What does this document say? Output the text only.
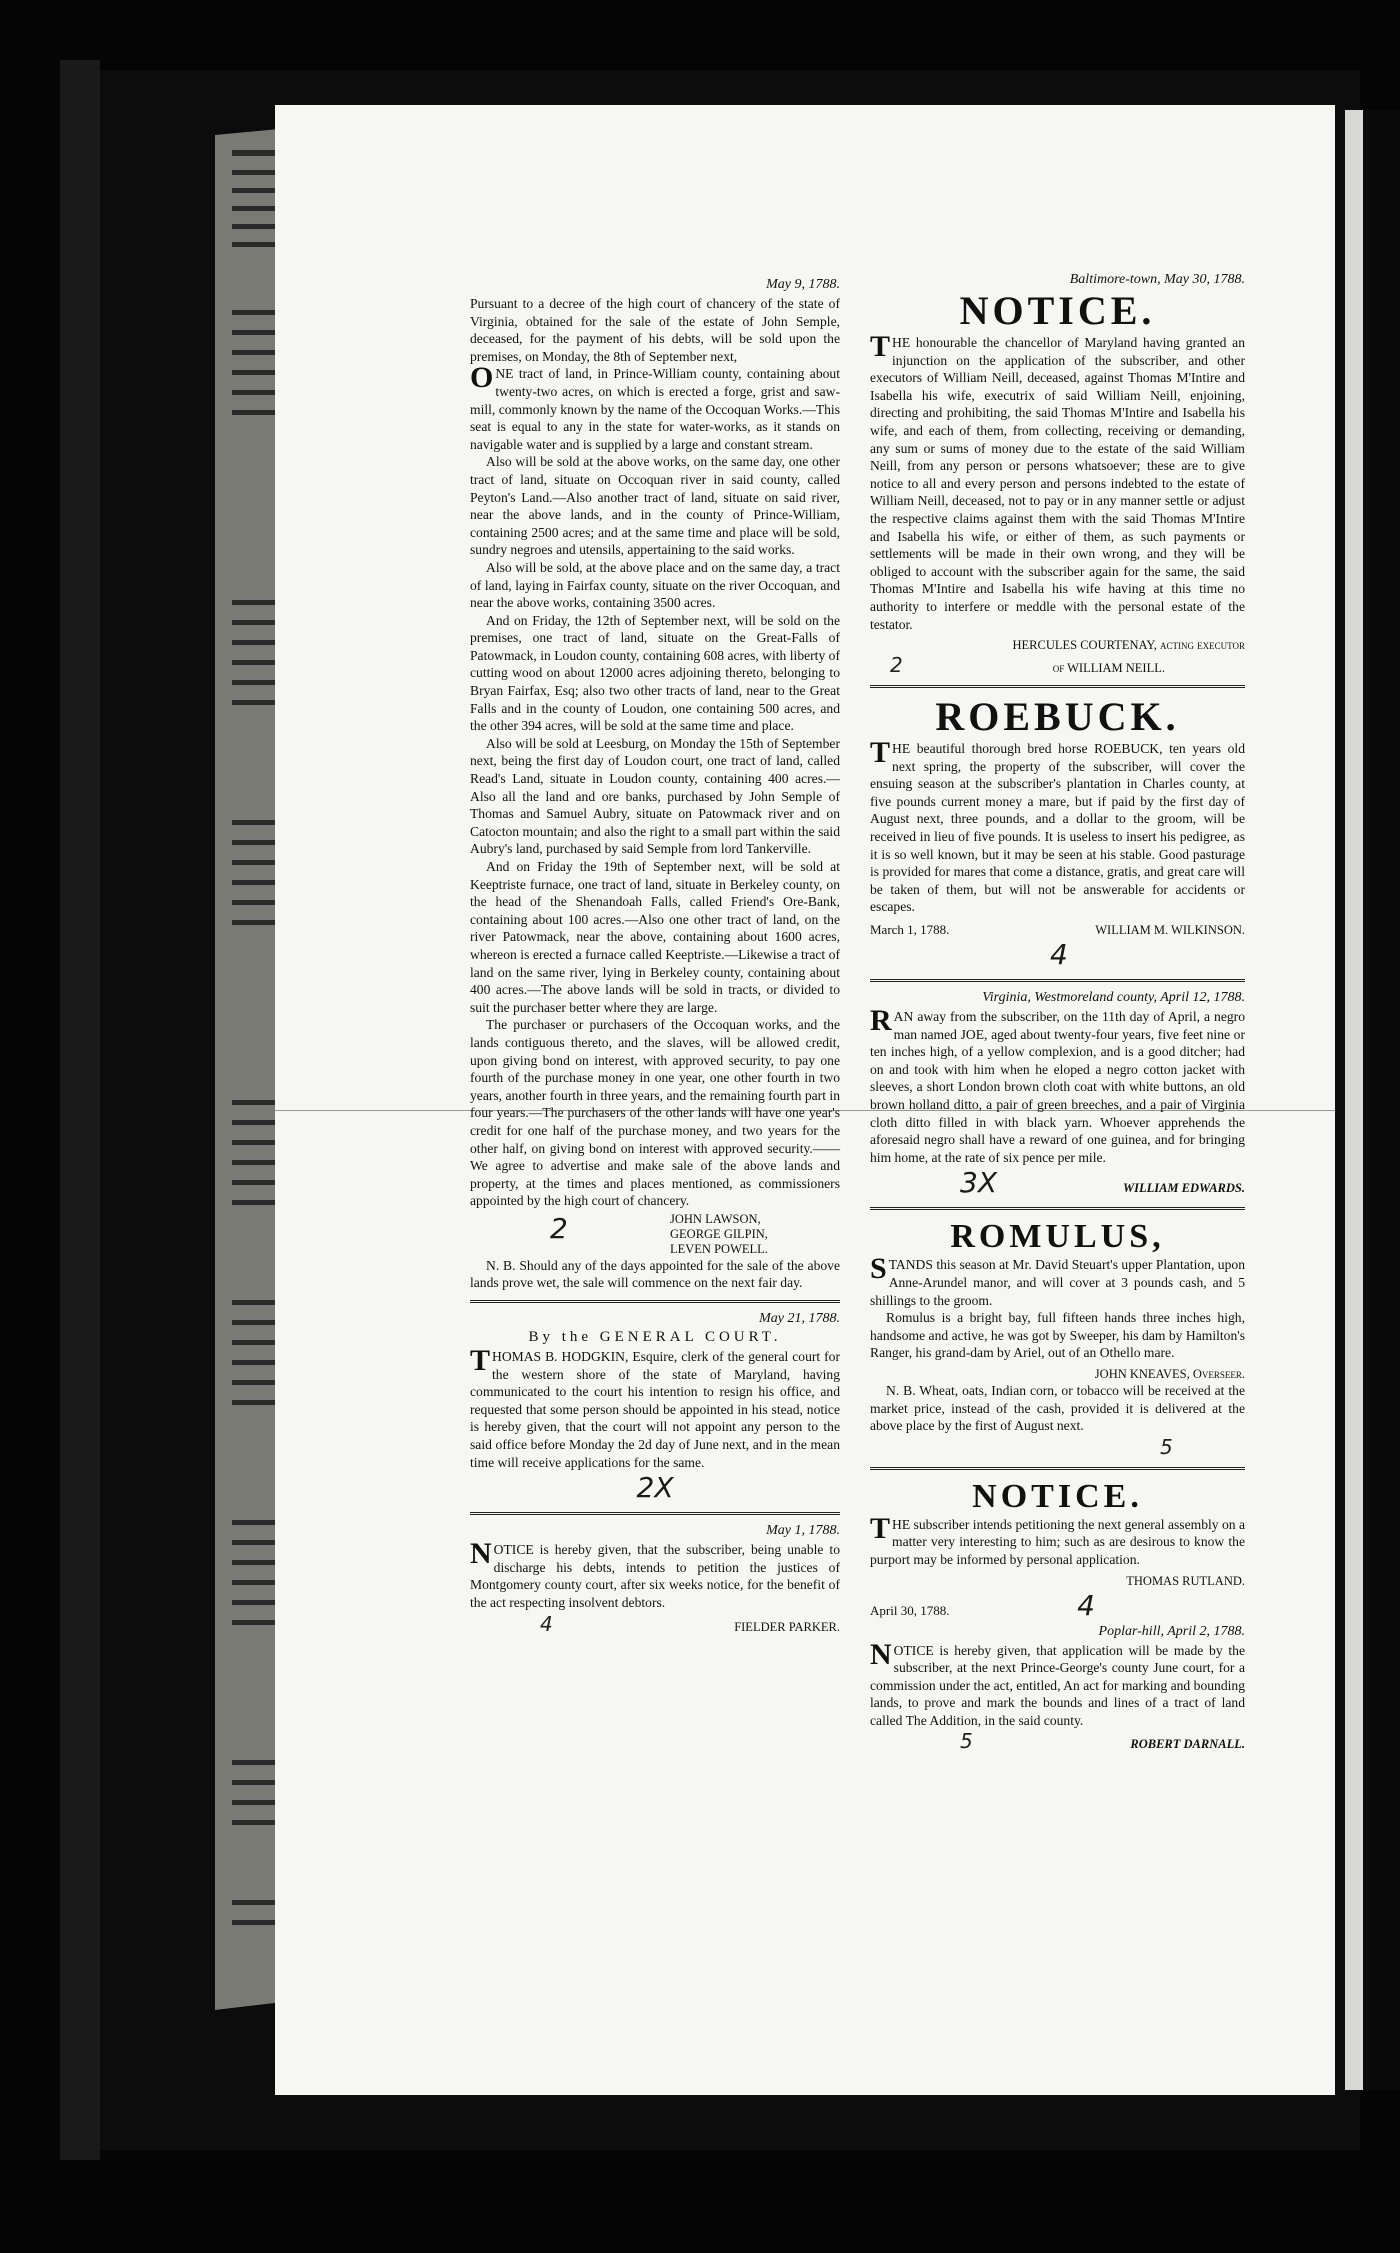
May 9, 1788.

Pursuant to a decree of the high court of chancery of the state of Virginia, obtained for the sale of the estate of John Semple, deceased, for the payment of his debts, will be sold upon the premises, on Monday, the 8th of September next,

ONE tract of land, in Prince-William county, containing about twenty-two acres, on which is erected a forge, grist and saw-mill, commonly known by the name of the Occoquan Works.—This seat is equal to any in the state for water-works, as it stands on navigable water and is supplied by a large and constant stream.

Also will be sold at the above works, on the same day, one other tract of land, situate on Occoquan river in said county, called Peyton's Land.—Also another tract of land, situate on said river, near the above lands, and in the county of Prince-William, containing 2500 acres; and at the same time and place will be sold, sundry negroes and utensils, appertaining to the said works.

Also will be sold, at the above place and on the same day, a tract of land, laying in Fairfax county, situate on the river Occoquan, and near the above works, containing 3500 acres.

And on Friday, the 12th of September next, will be sold on the premises, one tract of land, situate on the Great-Falls of Patowmack, in Loudon county, containing 608 acres, with liberty of cutting wood on about 12000 acres adjoining thereto, belonging to Bryan Fairfax, Esq; also two other tracts of land, near to the Great Falls and in the county of Loudon, one containing 500 acres, and the other 394 acres, will be sold at the same time and place.

Also will be sold at Leesburg, on Monday the 15th of September next, being the first day of Loudon court, one tract of land, called Read's Land, situate in Loudon county, containing 400 acres.—Also all the land and ore banks, purchased by John Semple of Thomas and Samuel Aubry, situate on Patowmack river and on Catocton mountain; and also the right to a small part within the said Aubry's land, purchased by said Semple from lord Tankerville.

And on Friday the 19th of September next, will be sold at Keeptriste furnace, one tract of land, situate in Berkeley county, on the head of the Shenandoah Falls, called Friend's Ore-Bank, containing about 100 acres.—Also one other tract of land, on the river Patowmack, near the above, containing about 1600 acres, whereon is erected a furnace called Keeptriste.—Likewise a tract of land on the same river, lying in Berkeley county, containing about 400 acres.—The above lands will be sold in tracts, or divided to suit the purchaser better where they are large.

The purchaser or purchasers of the Occoquan works, and the lands contiguous thereto, and the slaves, will be allowed credit, upon giving bond on interest, with approved security, to pay one fourth of the purchase money in one year, one other fourth in two years, another fourth in three years, and the remaining fourth part in four years.—The purchasers of the other lands will have one year's credit for one half of the purchase money, and two years for the other half, on giving bond on interest with approved security.——We agree to advertise and make sale of the above lands and property, at the times and places mentioned, as commissioners appointed by the high court of chancery.

2	JOHN LAWSON,
GEORGE GILPIN,
LEVEN POWELL.

N. B. Should any of the days appointed for the sale of the above lands prove wet, the sale will commence on the next fair day.

May 21, 1788.

By the GENERAL COURT.

THOMAS B. HODGKIN, Esquire, clerk of the general court for the western shore of the state of Maryland, having communicated to the court his intention to resign his office, and requested that some person should be appointed in his stead, notice is hereby given, that the court will not appoint any person to the said office before Monday the 2d day of June next, and in the mean time will receive applications for the same.

2X

May 1, 1788.

NOTICE is hereby given, that the subscriber, being unable to discharge his debts, intends to petition the justices of Montgomery county court, after six weeks notice, for the benefit of the act respecting insolvent debtors.

4	FIELDER PARKER.

Baltimore-town, May 30, 1788.

NOTICE.

THE honourable the chancellor of Maryland having granted an injunction on the application of the subscriber, and other executors of William Neill, deceased, against Thomas M'Intire and Isabella his wife, executrix of said William Neill, enjoining, directing and prohibiting, the said Thomas M'Intire and Isabella his wife, and each of them, from collecting, receiving or demanding, any sum or sums of money due to the estate of the said William Neill, from any person or persons whatsoever; these are to give notice to all and every person and persons indebted to the estate of William Neill, deceased, not to pay or in any manner settle or adjust the respective claims against them with the said Thomas M'Intire and Isabella his wife, or either of them, as such payments or settlements will be made in their own wrong, and they will be obliged to account with the subscriber again for the same, the said Thomas M'Intire and Isabella his wife having at this time no authority to interfere or meddle with the personal estate of the testator.

HERCULES COURTENAY, acting executor

2	of WILLIAM NEILL.

ROEBUCK.

THE beautiful thorough bred horse ROEBUCK, ten years old next spring, the property of the subscriber, will cover the ensuing season at the subscriber's plantation in Charles county, at five pounds current money a mare, but if paid by the first day of August next, three pounds, and a dollar to the groom, will be received in lieu of five pounds. It is useless to insert his pedigree, as it is so well known, but it may be seen at his stable. Good pasturage is provided for mares that come a distance, gratis, and great care will be taken of them, but will not be answerable for accidents or escapes.

March 1, 1788.	WILLIAM M. WILKINSON.
4

Virginia, Westmoreland county, April 12, 1788.

RAN away from the subscriber, on the 11th day of April, a negro man named JOE, aged about twenty-four years, five feet nine or ten inches high, of a yellow complexion, and is a good ditcher; had on and took with him when he eloped a negro cotton jacket with sleeves, a short London brown cloth coat with white buttons, an old brown holland ditto, a pair of green breeches, and a pair of Virginia cloth ditto filled in with black yarn. Whoever apprehends the aforesaid negro shall have a reward of one guinea, and for bringing him home, at the rate of six pence per mile.

3X	WILLIAM EDWARDS.

ROMULUS,

STANDS this season at Mr. David Steuart's upper Plantation, upon Anne-Arundel manor, and will cover at 3 pounds cash, and 5 shillings to the groom.

Romulus is a bright bay, full fifteen hands three inches high, handsome and active, he was got by Sweeper, his dam by Hamilton's Ranger, his grand-dam by Ariel, out of an Othello mare.

JOHN KNEAVES, Overseer.

N. B. Wheat, oats, Indian corn, or tobacco will be received at the market price, instead of the cash, provided it is delivered at the above place by the first of August next.

5

NOTICE.

THE subscriber intends petitioning the next general assembly on a matter very interesting to him; such as are desirous to know the purport may be informed by personal application.

THOMAS RUTLAND.

April 30, 1788.	4

Poplar-hill, April 2, 1788.

NOTICE is hereby given, that application will be made by the subscriber, at the next Prince-George's county June court, for a commission under the act, entitled, An act for marking and bounding lands, to prove and mark the bounds and lines of a tract of land called The Addition, in the said county.

5	ROBERT DARNALL.
